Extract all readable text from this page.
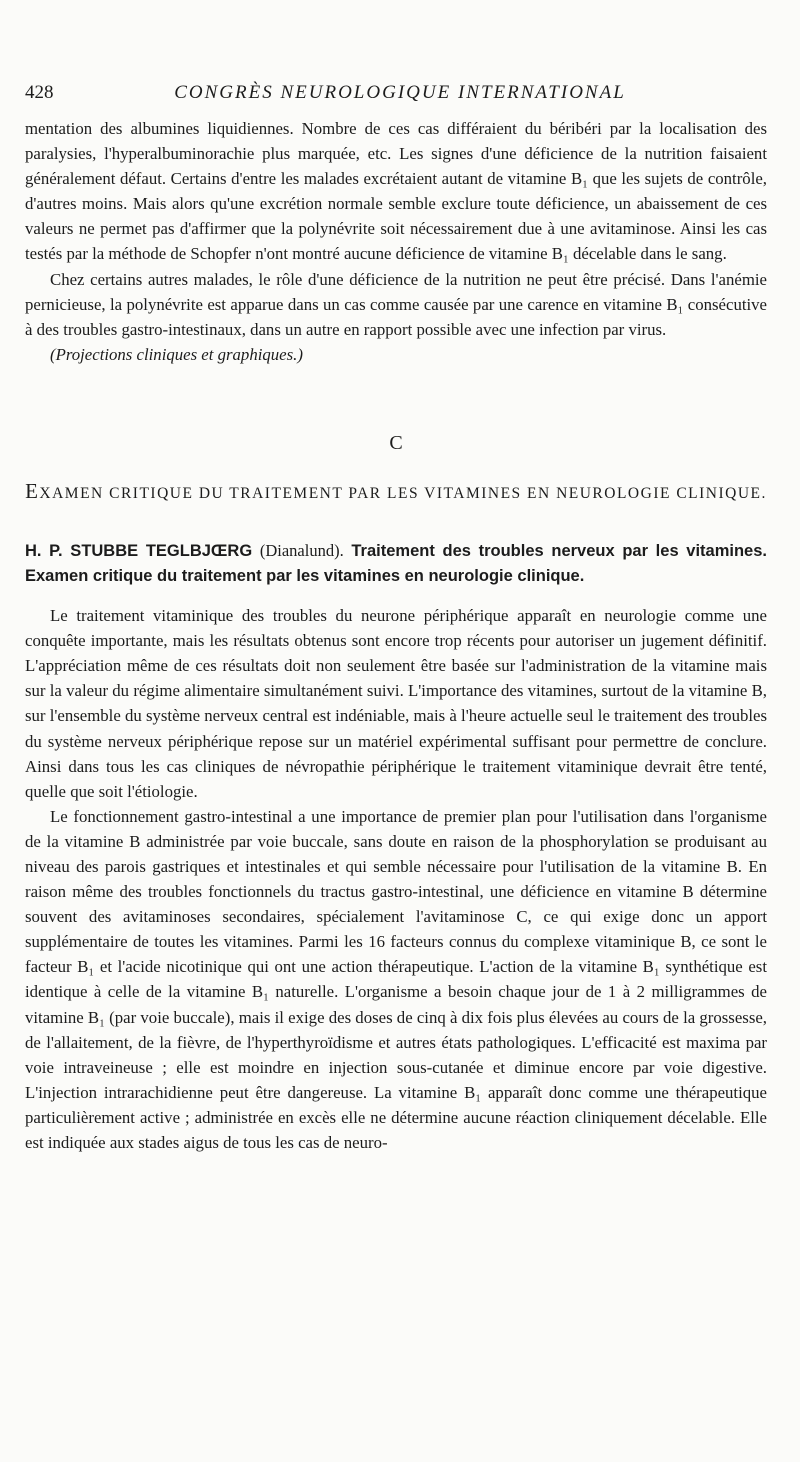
428	CONGRÈS NEUROLOGIQUE INTERNATIONAL

mentation des albumines liquidiennes. Nombre de ces cas différaient du béribéri par la localisation des paralysies, l'hyperalbuminorachie plus marquée, etc. Les signes d'une déficience de la nutrition faisaient généralement défaut. Certains d'entre les malades excrétaient autant de vitamine B₁ que les sujets de contrôle, d'autres moins. Mais alors qu'une excrétion normale semble exclure toute déficience, un abaissement de ces valeurs ne permet pas d'affirmer que la polynévrite soit nécessairement due à une avitaminose. Ainsi les cas testés par la méthode de Schopfer n'ont montré aucune déficience de vitamine B₁ décelable dans le sang.

Chez certains autres malades, le rôle d'une déficience de la nutrition ne peut être précisé. Dans l'anémie pernicieuse, la polynévrite est apparue dans un cas comme causée par une carence en vitamine B₁ consécutive à des troubles gastro-intestinaux, dans un autre en rapport possible avec une infection par virus.

(Projections cliniques et graphiques.)

C
EXAMEN CRITIQUE DU TRAITEMENT PAR LES VITAMINES EN NEUROLOGIE CLINIQUE.
H. P. STUBBE TEGLBJŒRG (Dianalund). Traitement des troubles nerveux par les vitamines. Examen critique du traitement par les vitamines en neurologie clinique.

Le traitement vitaminique des troubles du neurone périphérique apparaît en neurologie comme une conquête importante, mais les résultats obtenus sont encore trop récents pour autoriser un jugement définitif. L'appréciation même de ces résultats doit non seulement être basée sur l'administration de la vitamine mais sur la valeur du régime alimentaire simultanément suivi. L'importance des vitamines, surtout de la vitamine B, sur l'ensemble du système nerveux central est indéniable, mais à l'heure actuelle seul le traitement des troubles du système nerveux périphérique repose sur un matériel expérimental suffisant pour permettre de conclure. Ainsi dans tous les cas cliniques de névropathie périphérique le traitement vitaminique devrait être tenté, quelle que soit l'étiologie.

Le fonctionnement gastro-intestinal a une importance de premier plan pour l'utilisation dans l'organisme de la vitamine B administrée par voie buccale, sans doute en raison de la phosphorylation se produisant au niveau des parois gastriques et intestinales et qui semble nécessaire pour l'utilisation de la vitamine B. En raison même des troubles fonctionnels du tractus gastro-intestinal, une déficience en vitamine B détermine souvent des avitaminoses secondaires, spécialement l'avitaminose C, ce qui exige donc un apport supplémentaire de toutes les vitamines. Parmi les 16 facteurs connus du complexe vitaminique B, ce sont le facteur B₁ et l'acide nicotinique qui ont une action thérapeutique. L'action de la vitamine B₁ synthétique est identique à celle de la vitamine B₁ naturelle. L'organisme a besoin chaque jour de 1 à 2 milligrammes de vitamine B₁ (par voie buccale), mais il exige des doses de cinq à dix fois plus élevées au cours de la grossesse, de l'allaitement, de la fièvre, de l'hyperthyroïdisme et autres états pathologiques. L'efficacité est maxima par voie intraveineuse ; elle est moindre en injection sous-cutanée et diminue encore par voie digestive. L'injection intrarachidienne peut être dangereuse. La vitamine B₁ apparaît donc comme une thérapeutique particulièrement active ; administrée en excès elle ne détermine aucune réaction cliniquement décelable. Elle est indiquée aux stades aigus de tous les cas de neuro-
